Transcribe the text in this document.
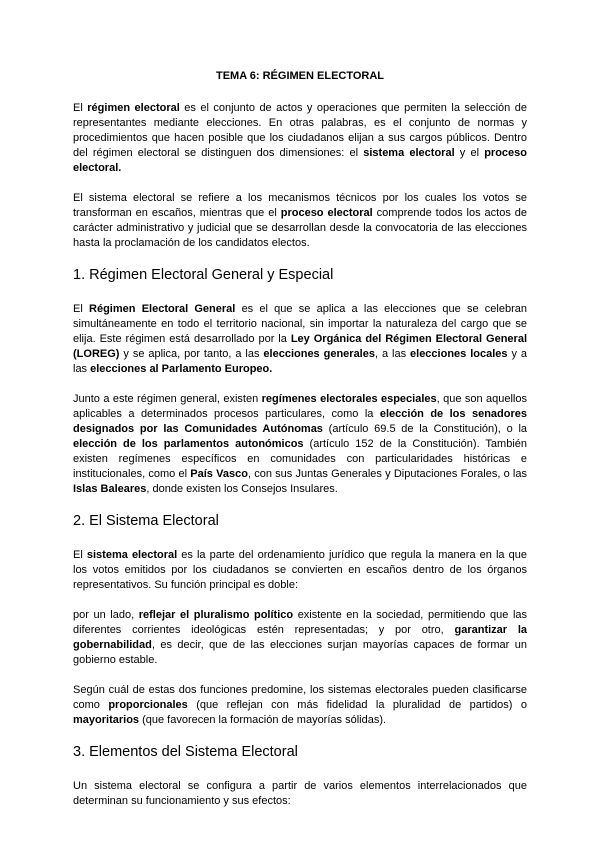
TEMA 6: RÉGIMEN ELECTORAL

El régimen electoral es el conjunto de actos y operaciones que permiten la selección de representantes mediante elecciones. En otras palabras, es el conjunto de normas y procedimientos que hacen posible que los ciudadanos elijan a sus cargos públicos. Dentro del régimen electoral se distinguen dos dimensiones: el sistema electoral y el proceso electoral.

El sistema electoral se refiere a los mecanismos técnicos por los cuales los votos se transforman en escaños, mientras que el proceso electoral comprende todos los actos de carácter administrativo y judicial que se desarrollan desde la convocatoria de las elecciones hasta la proclamación de los candidatos electos.

1. Régimen Electoral General y Especial

El Régimen Electoral General es el que se aplica a las elecciones que se celebran simultáneamente en todo el territorio nacional, sin importar la naturaleza del cargo que se elija. Este régimen está desarrollado por la Ley Orgánica del Régimen Electoral General (LOREG) y se aplica, por tanto, a las elecciones generales, a las elecciones locales y a las elecciones al Parlamento Europeo.

Junto a este régimen general, existen regímenes electorales especiales, que son aquellos aplicables a determinados procesos particulares, como la elección de los senadores designados por las Comunidades Autónomas (artículo 69.5 de la Constitución), o la elección de los parlamentos autonómicos (artículo 152 de la Constitución). También existen regímenes específicos en comunidades con particularidades históricas e institucionales, como el País Vasco, con sus Juntas Generales y Diputaciones Forales, o las Islas Baleares, donde existen los Consejos Insulares.

2. El Sistema Electoral

El sistema electoral es la parte del ordenamiento jurídico que regula la manera en la que los votos emitidos por los ciudadanos se convierten en escaños dentro de los órganos representativos. Su función principal es doble:

por un lado, reflejar el pluralismo político existente en la sociedad, permitiendo que las diferentes corrientes ideológicas estén representadas; y por otro, garantizar la gobernabilidad, es decir, que de las elecciones surjan mayorías capaces de formar un gobierno estable.

Según cuál de estas dos funciones predomine, los sistemas electorales pueden clasificarse como proporcionales (que reflejan con más fidelidad la pluralidad de partidos) o mayoritarios (que favorecen la formación de mayorías sólidas).

3. Elementos del Sistema Electoral

Un sistema electoral se configura a partir de varios elementos interrelacionados que determinan su funcionamiento y sus efectos:
